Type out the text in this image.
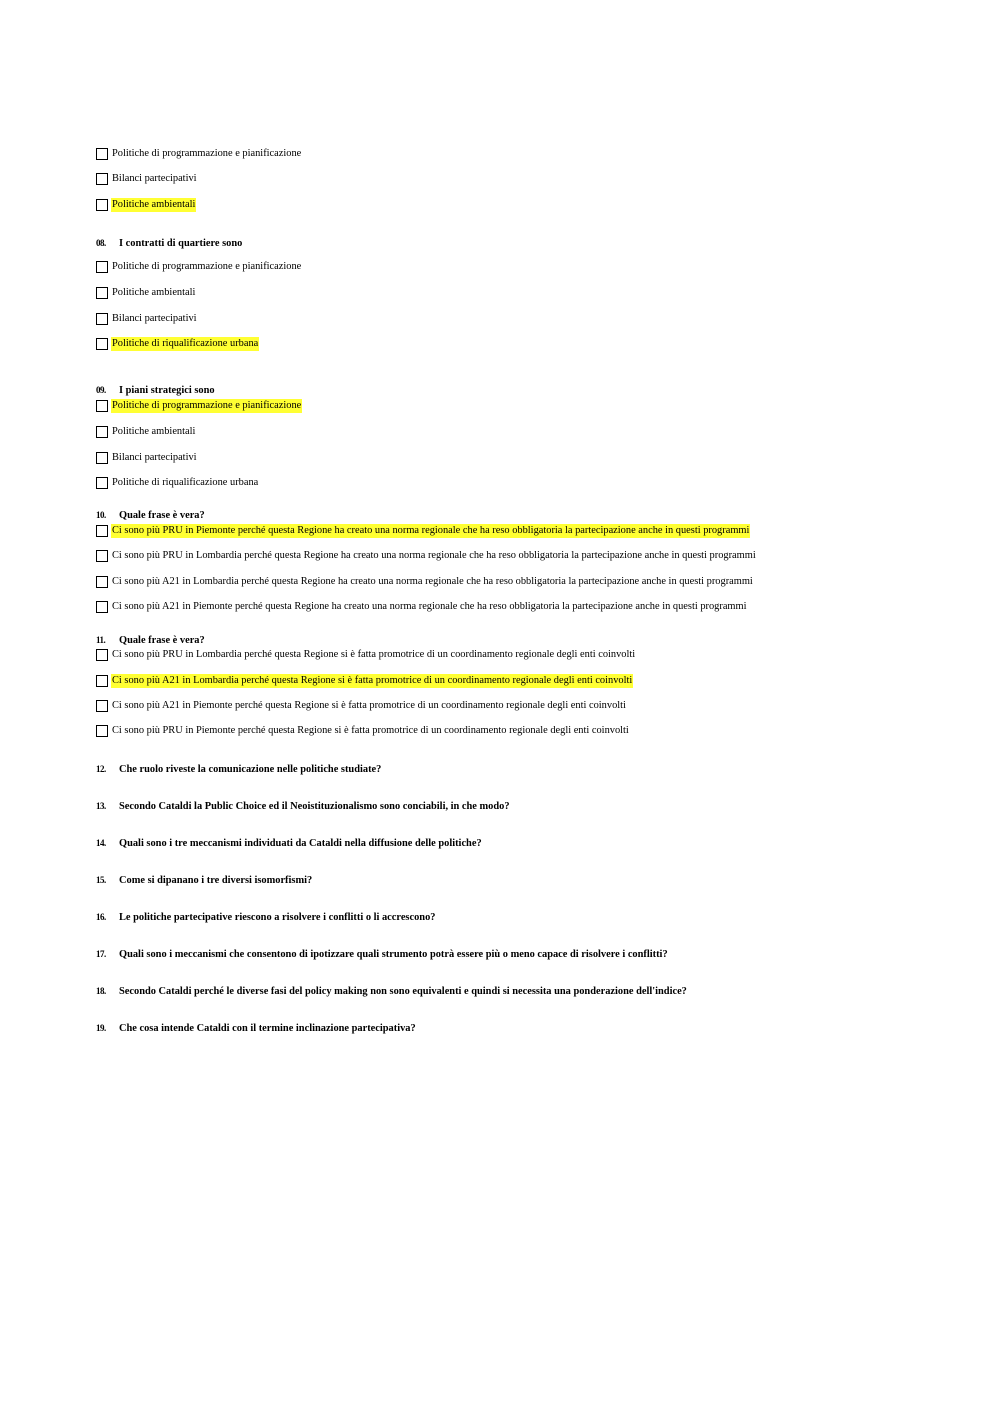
Politiche di programmazione e pianificazione
Bilanci partecipativi
Politiche ambientali
08.	I contratti di quartiere sono
Politiche di programmazione e pianificazione
Politiche ambientali
Bilanci partecipativi
Politiche di riqualificazione urbana
09.	I piani strategici sono
Politiche di programmazione e pianificazione
Politiche ambientali
Bilanci partecipativi
Politiche di riqualificazione urbana
10.	Quale frase è vera?
Ci sono più PRU in Piemonte perché questa Regione ha creato una norma regionale che ha reso obbligatoria la partecipazione anche in questi programmi
Ci sono più PRU in Lombardia perché questa Regione ha creato una norma regionale che ha reso obbligatoria la partecipazione anche in questi programmi
Ci sono più A21 in Lombardia perché questa Regione ha creato una norma regionale che ha reso obbligatoria la partecipazione anche in questi programmi
Ci sono più A21 in Piemonte perché questa Regione ha creato una norma regionale che ha reso obbligatoria la partecipazione anche in questi programmi
11.	Quale frase è vera?
Ci sono più PRU in Lombardia perché questa Regione si è fatta promotrice di un coordinamento regionale degli enti coinvolti
Ci sono più A21 in Lombardia perché questa Regione si è fatta promotrice di un coordinamento regionale degli enti coinvolti
Ci sono più A21 in Piemonte perché questa Regione si è fatta promotrice di un coordinamento regionale degli enti coinvolti
Ci sono più PRU in Piemonte perché questa Regione si è fatta promotrice di un coordinamento regionale degli enti coinvolti
12.	Che ruolo riveste la comunicazione nelle politiche studiate?
13.	Secondo Cataldi la Public Choice ed il Neoistituzionalismo sono conciabili, in che modo?
14.	Quali sono i tre meccanismi individuati da Cataldi nella diffusione delle politiche?
15.	Come si dipanano i tre diversi isomorfismi?
16.	Le politiche partecipative riescono a risolvere i conflitti o li accrescono?
17.	Quali sono i meccanismi che consentono di ipotizzare quali strumento potrà essere più o meno capace di risolvere i conflitti?
18.	Secondo Cataldi perché le diverse fasi del policy making non sono equivalenti e quindi si necessita una ponderazione dell'indice?
19.	Che cosa intende Cataldi con il termine inclinazione partecipativa?
